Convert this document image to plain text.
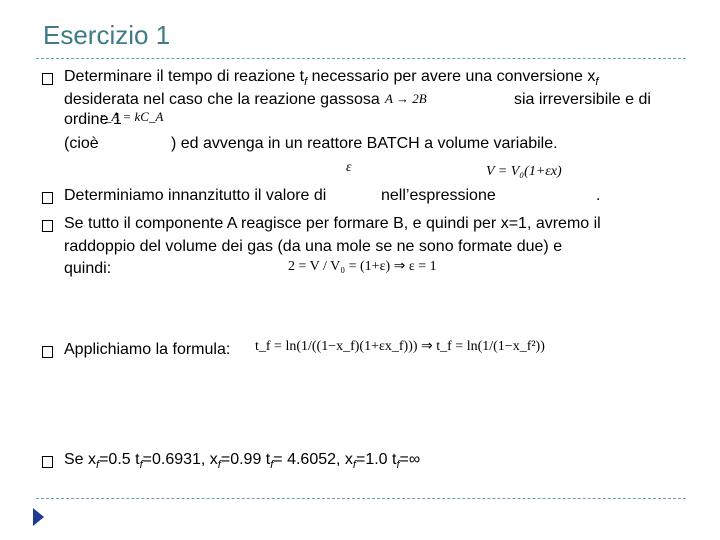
Esercizio 1
Determinare il tempo di reazione $t_f$ necessario per avere una conversione $x_f$
desiderata nel caso che la reazione gassosa A → 2B	sia irreversibile e di
ordine 1
r_A = kC_A
(cioè	) ed avvenga in un reattore BATCH a volume variabile.
ε	V = V₀(1+εx)
Determiniamo innanzitutto il valore di	nell’espressione	.
Se tutto il componente A reagisce per formare B, e quindi per x=1, avremo il
raddoppio del volume dei gas (da una mole se ne sono formate due) e
quindi:	2 = V / V₀ = (1+ε) ⇒ ε = 1
Applichiamo la formula: t_f = ln(1/((1−x_f)(1+εx_f))) ⇒ t_f = ln(1/(1−x_f²))
Se $x_f=0.5$ $t_f=0.6931$, $x_f=0.99$ $t_f= 4.6052$, $x_f=1.0$ $t_f=\infty$
